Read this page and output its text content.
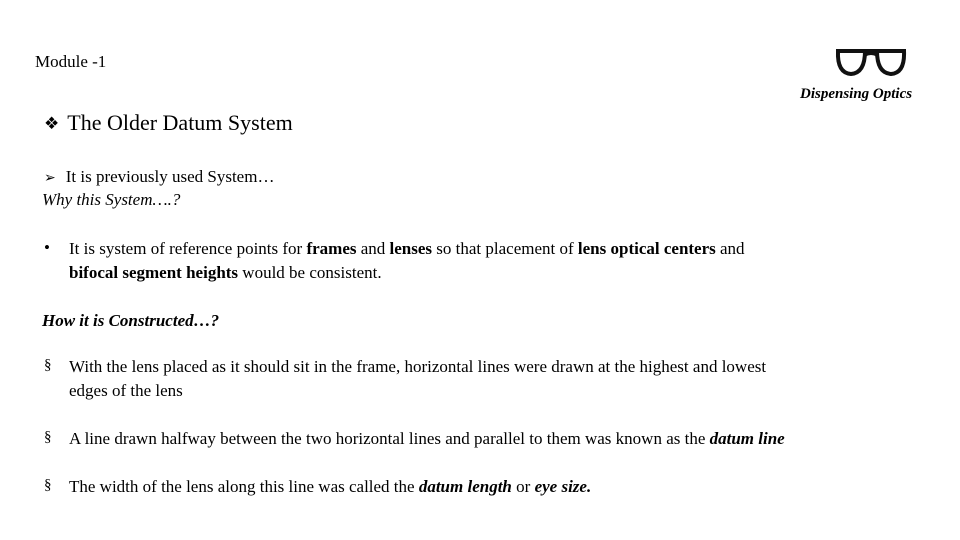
Module -1
Dispensing Optics
❖ The Older Datum System
➢ It is previously used System…
Why this System….?
• It is system of reference points for frames and lenses so that placement of lens optical centers and
bifocal segment heights would be consistent.
How it is Constructed…?
§ With the lens placed as it should sit in the frame, horizontal lines were drawn at the highest and lowest
edges of the lens
§ A line drawn halfway between the two horizontal lines and parallel to them was known as the datum line
§ The width of the lens along this line was called the datum length or eye size.
